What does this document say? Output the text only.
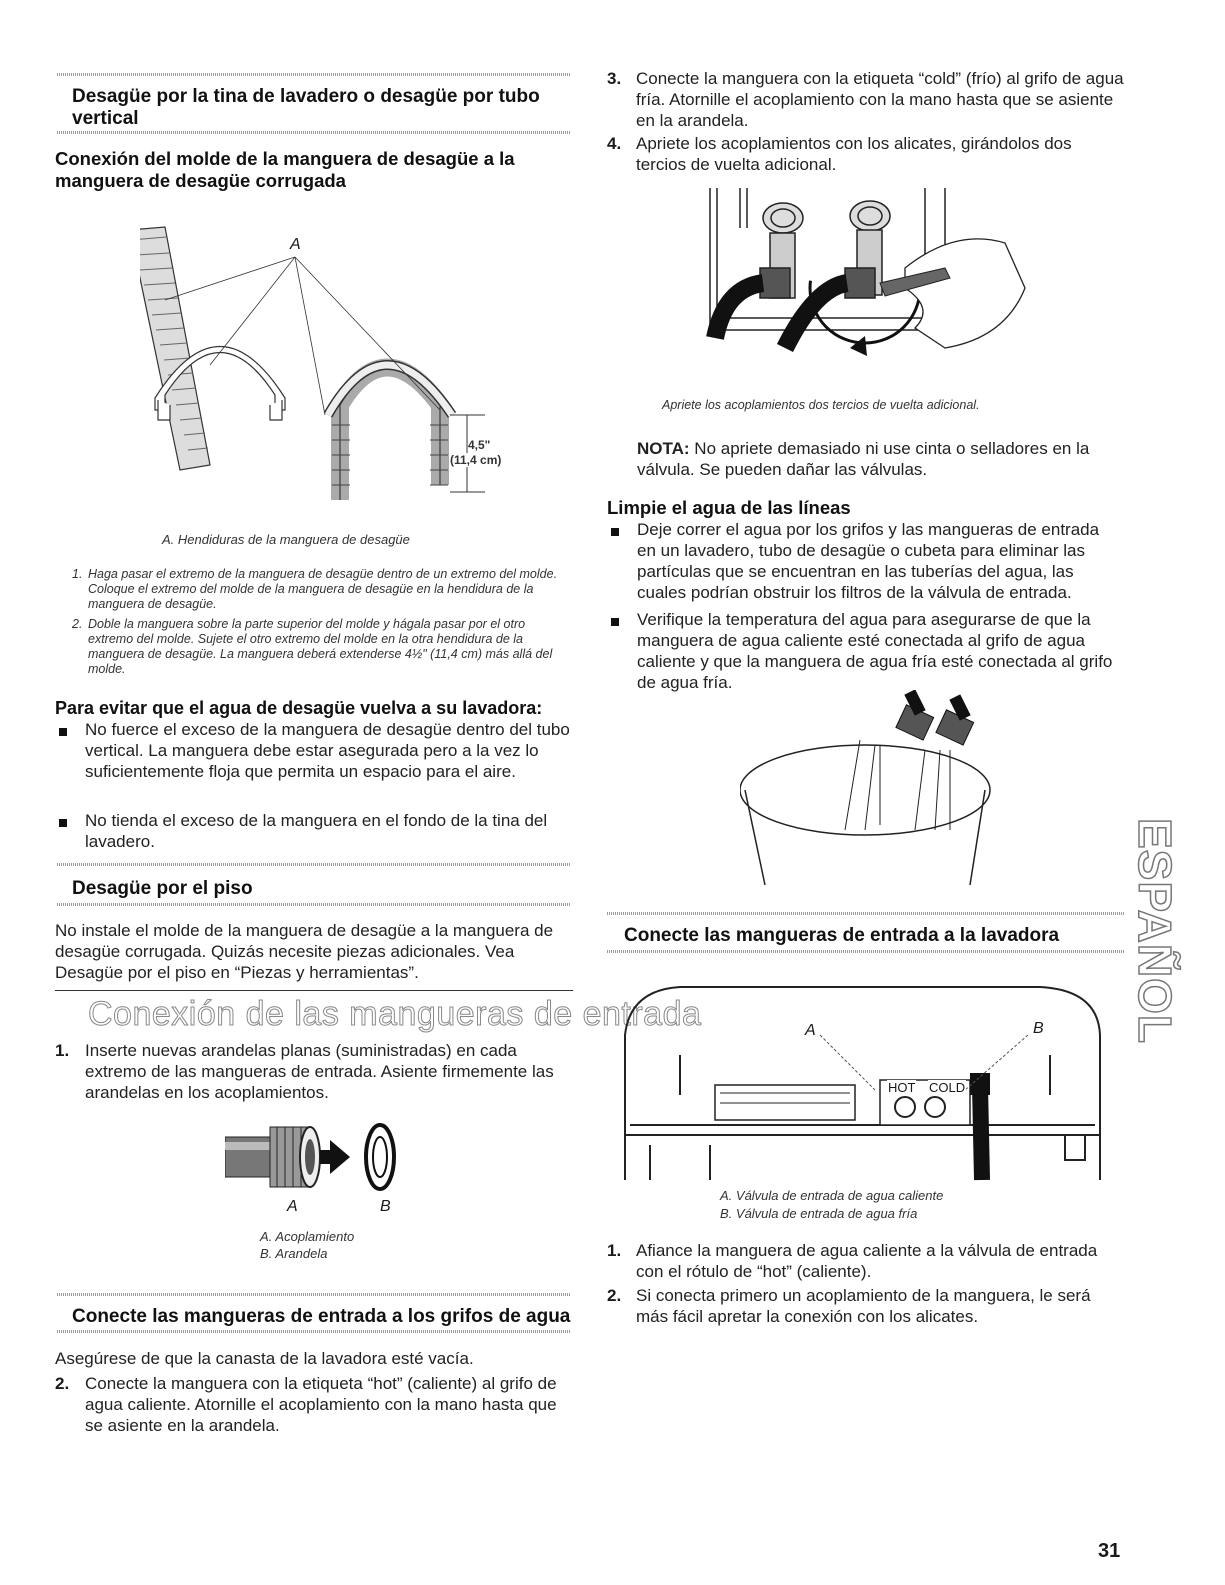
Desagüe por la tina de lavadero o desagüe por tubo vertical
Conexión del molde de la manguera de desagüe a la manguera de desagüe corrugada
A
4,5"
(11,4 cm)
A. Hendiduras de la manguera de desagüe
1. Haga pasar el extremo de la manguera de desagüe dentro de un extremo del molde. Coloque el extremo del molde de la manguera de desagüe en la hendidura de la manguera de desagüe.
2. Doble la manguera sobre la parte superior del molde y hágala pasar por el otro extremo del molde. Sujete el otro extremo del molde en la otra hendidura de la manguera de desagüe. La manguera deberá extenderse 4½" (11,4 cm) más allá del molde.
Para evitar que el agua de desagüe vuelva a su lavadora:
No fuerce el exceso de la manguera de desagüe dentro del tubo vertical. La manguera debe estar asegurada pero a la vez lo suficientemente floja que permita un espacio para el aire.
No tienda el exceso de la manguera en el fondo de la tina del lavadero.
Desagüe por el piso
No instale el molde de la manguera de desagüe a la manguera de desagüe corrugada. Quizás necesite piezas adicionales. Vea Desagüe por el piso en “Piezas y herramientas”.
Conexión de las mangueras de entrada
1. Inserte nuevas arandelas planas (suministradas) en cada extremo de las mangueras de entrada. Asiente firmemente las arandelas en los acoplamientos.
A	B
A. Acoplamiento
B. Arandela
Conecte las mangueras de entrada a los grifos de agua
Asegúrese de que la canasta de la lavadora esté vacía.
2. Conecte la manguera con la etiqueta “hot” (caliente) al grifo de agua caliente. Atornille el acoplamiento con la mano hasta que se asiente en la arandela.
3. Conecte la manguera con la etiqueta “cold” (frío) al grifo de agua fría. Atornille el acoplamiento con la mano hasta que se asiente en la arandela.
4. Apriete los acoplamientos con los alicates, girándolos dos tercios de vuelta adicional.
Apriete los acoplamientos dos tercios de vuelta adicional.
NOTA: No apriete demasiado ni use cinta o selladores en la válvula. Se pueden dañar las válvulas.
Limpie el agua de las líneas
Deje correr el agua por los grifos y las mangueras de entrada en un lavadero, tubo de desagüe o cubeta para eliminar las partículas que se encuentran en las tuberías del agua, las cuales podrían obstruir los filtros de la válvula de entrada.
Verifique la temperatura del agua para asegurarse de que la manguera de agua caliente esté conectada al grifo de agua caliente y que la manguera de agua fría esté conectada al grifo de agua fría.
Conecte las mangueras de entrada a la lavadora
A	B
HOT COLD
A. Válvula de entrada de agua caliente
B. Válvula de entrada de agua fría
1. Afiance la manguera de agua caliente a la válvula de entrada con el rótulo de “hot” (caliente).
2. Si conecta primero un acoplamiento de la manguera, le será más fácil apretar la conexión con los alicates.
ESPAÑOL
31
